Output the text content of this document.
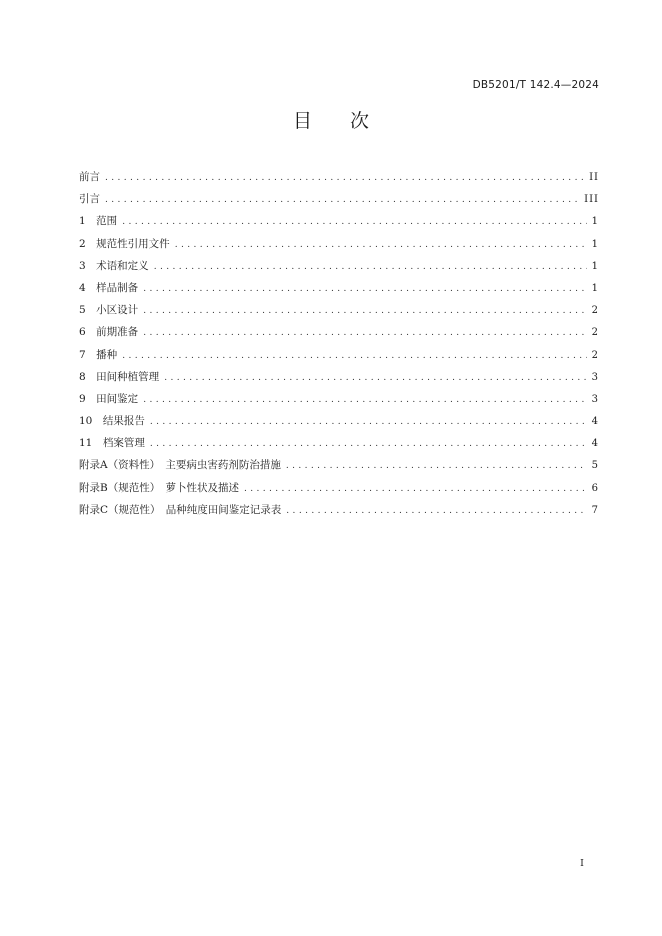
DB5201/T 142.4—2024
目　　次
前言 .....	II
引言 .....	III
1　范围 .....	1
2　规范性引用文件 .....	1
3　术语和定义 .....	1
4　样品制备 .....	1
5　小区设计 .....	2
6　前期准备 .....	2
7　播种 .....	2
8　田间种植管理 .....	3
9　田间鉴定 .....	3
10　结果报告 .....	4
11　档案管理 .....	4
附录A（资料性）　主要病虫害药剂防治措施 .....	5
附录B（规范性）　萝卜性状及描述 .....	6
附录C（规范性）　品种纯度田间鉴定记录表 .....	7
I
